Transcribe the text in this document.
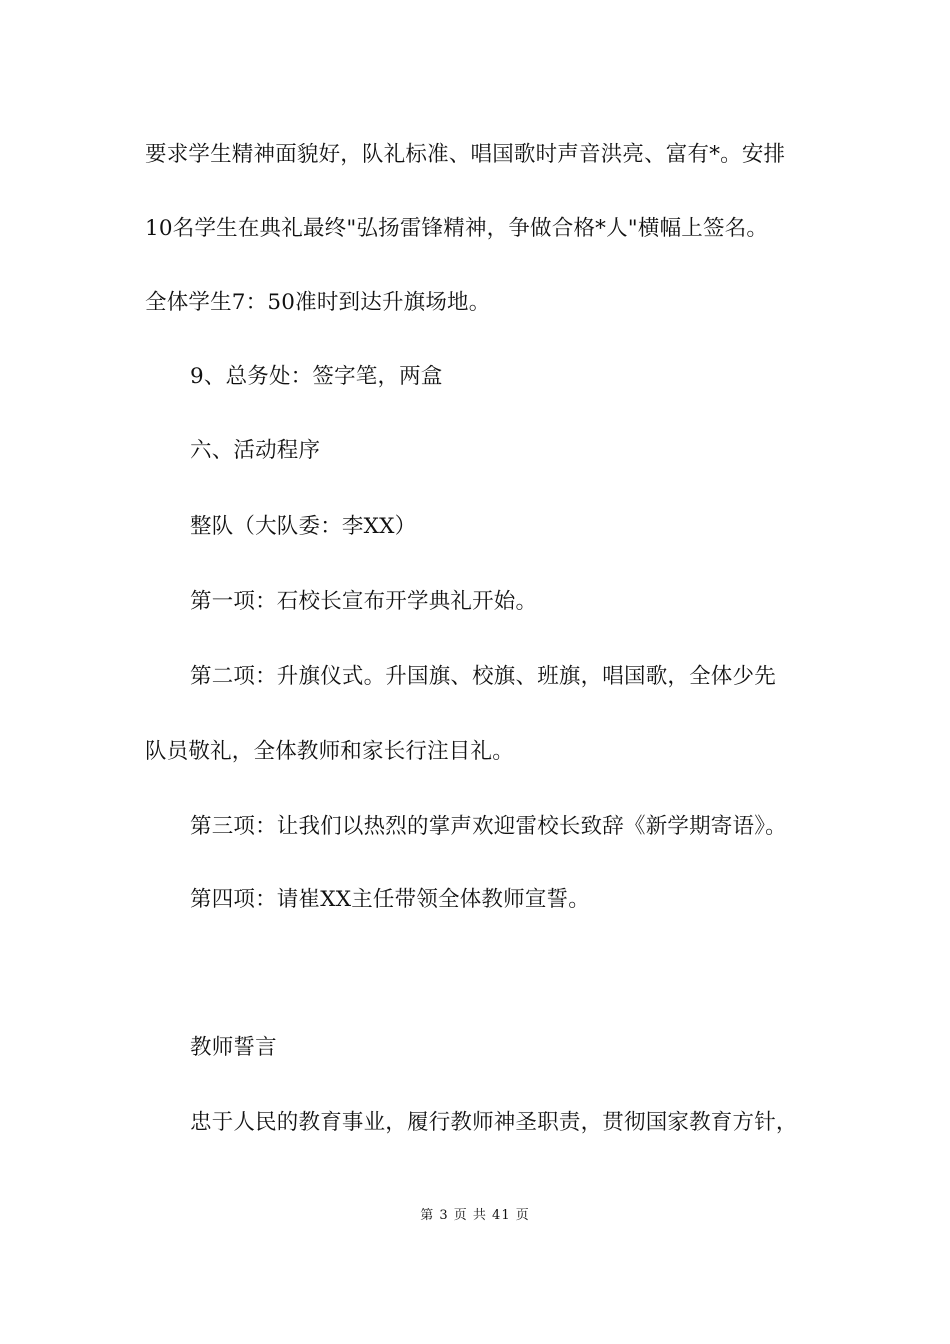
要求学生精神面貌好，队礼标准、唱国歌时声音洪亮、富有*。安排
10名学生在典礼最终"弘扬雷锋精神，争做合格*人"横幅上签名。
全体学生7：50准时到达升旗场地。
9、总务处：签字笔，两盒
六、活动程序
整队（大队委：李XX）
第一项：石校长宣布开学典礼开始。
第二项：升旗仪式。升国旗、校旗、班旗，唱国歌，全体少先
队员敬礼，全体教师和家长行注目礼。
第三项：让我们以热烈的掌声欢迎雷校长致辞《新学期寄语》。
第四项：请崔XX主任带领全体教师宣誓。
教师誓言
忠于人民的教育事业，履行教师神圣职责，贯彻国家教育方针，
第 3 页 共 41 页
